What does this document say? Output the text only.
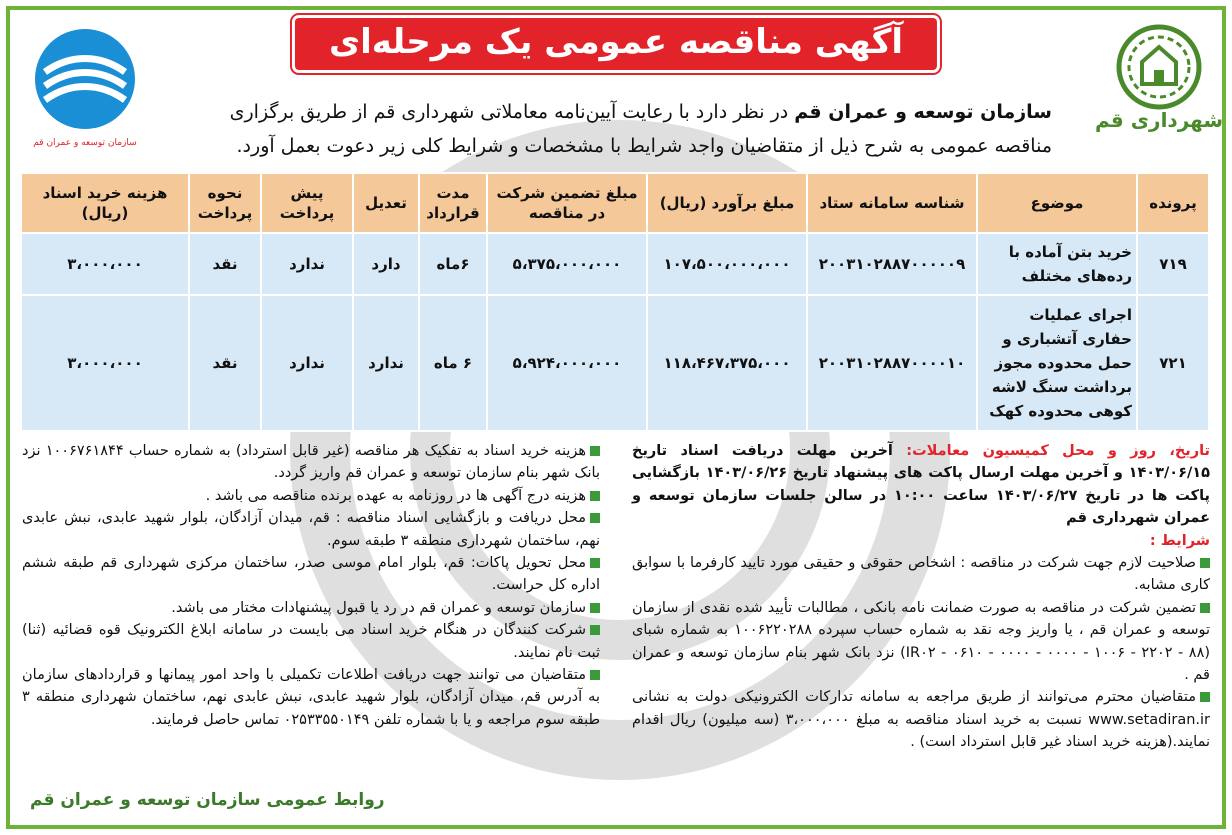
آگهی مناقصه عمومی یک مرحله‌ای
شهرداری قم
سازمان توسعه و عمران قم
سازمان توسعه و عمران قم در نظر دارد با رعایت آیین‌نامه معاملاتی شهرداری قم از طریق برگزاری
مناقصه عمومی به شرح ذیل از متقاضیان واجد شرایط با مشخصات و شرایط کلی زیر دعوت بعمل آورد.
پرونده	موضوع	شناسه سامانه ستاد	مبلغ برآورد (ریال)	مبلغ تضمین شرکت در مناقصه	مدت قرارداد	تعدیل	پیش پرداخت	نحوه پرداخت	هزینه خرید اسناد (ریال)
۷۱۹	خرید بتن آماده با رده‌های مختلف	۲۰۰۳۱۰۲۸۸۷۰۰۰۰۰۹	۱۰۷،۵۰۰،۰۰۰،۰۰۰	۵،۳۷۵،۰۰۰،۰۰۰	۶ماه	دارد	ندارد	نقد	۳،۰۰۰،۰۰۰
۷۲۱	اجرای عملیات حفاری آتشباری و حمل محدوده مجوز برداشت سنگ لاشه کوهی محدوده کهک	۲۰۰۳۱۰۲۸۸۷۰۰۰۰۱۰	۱۱۸،۴۶۷،۳۷۵،۰۰۰	۵،۹۲۴،۰۰۰،۰۰۰	۶ ماه	ندارد	ندارد	نقد	۳،۰۰۰،۰۰۰

تاریخ، روز و محل کمیسیون معاملات: آخرین مهلت دریافت اسناد تاریخ ۱۴۰۳/۰۶/۱۵ و آخرین مهلت ارسال پاکت های پیشنهاد تاریخ ۱۴۰۳/۰۶/۲۶ بازگشایی پاکت ها در تاریخ ۱۴۰۳/۰۶/۲۷ ساعت ۱۰:۰۰ در سالن جلسات سازمان توسعه و عمران شهرداری قم

شرایط :

صلاحیت لازم جهت شرکت در مناقصه : اشخاص حقوقی و حقیقی مورد تایید کارفرما با سوابق کاری مشابه.

تضمین شرکت در مناقصه به صورت ضمانت نامه بانکی ، مطالبات تأیید شده نقدی از سازمان توسعه و عمران قم ، یا واریز وجه نقد به شماره حساب سپرده ۱۰۰۶۲۲۰۲۸۸ به شماره شبای (۸۸ - ۲۲۰۲ - ۱۰۰۶ - ۰۰۰۰ - ۰۰۰۰ - ۰۶۱۰ - IR۰۲) نزد بانک شهر بنام سازمان توسعه و عمران قم .

متقاضیان محترم می‌توانند از طریق مراجعه به سامانه تدارکات الکترونیکی دولت به نشانی www.setadiran.ir نسبت به خرید اسناد مناقصه به مبلغ ۳،۰۰۰،۰۰۰ (سه میلیون) ریال اقدام نمایند.(هزینه خرید اسناد غیر قابل استرداد است) .

هزینه خرید اسناد به تفکیک هر مناقصه (غیر قابل استرداد) به شماره حساب ۱۰۰۶۷۶۱۸۴۴ نزد بانک شهر بنام سازمان توسعه و عمران قم واریز گردد.

هزینه درج آگهی ها در روزنامه به عهده برنده مناقصه می باشد .

محل دریافت و بازگشایی اسناد مناقصه : قم، میدان آزادگان، بلوار شهید عابدی، نبش عابدی نهم، ساختمان شهرداری منطقه ۳ طبقه سوم.

محل تحویل پاکات: قم، بلوار امام موسی صدر، ساختمان مرکزی شهرداری قم طبقه ششم اداره کل حراست.

سازمان توسعه و عمران قم در رد یا قبول پیشنهادات مختار می باشد.

شرکت کنندگان در هنگام خرید اسناد می بایست در سامانه ابلاغ الکترونیک قوه قضائیه (ثنا) ثبت نام نمایند.

متقاضیان می توانند جهت دریافت اطلاعات تکمیلی با واحد امور پیمانها و قراردادهای سازمان به آدرس قم، میدان آزادگان، بلوار شهید عابدی، نبش عابدی نهم، ساختمان شهرداری منطقه ۳ طبقه سوم مراجعه و یا با شماره تلفن ۰۲۵۳۳۵۵۰۱۴۹ تماس حاصل فرمایند.

روابط عمومی سازمان توسعه و عمران قم
